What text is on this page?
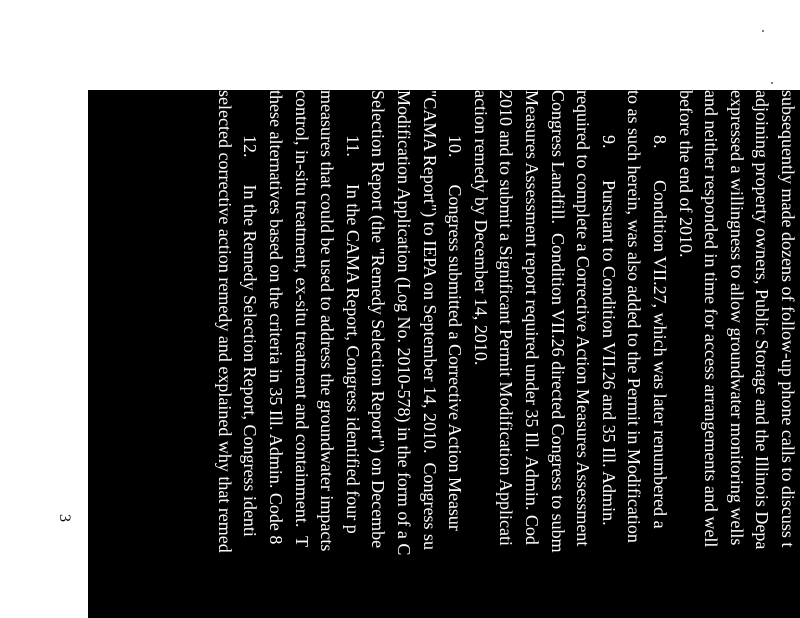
subsequently made dozens of follow-up phone calls to discuss t
adjoining property owners, Public Storage and the Illinois Depa
expressed a willingness to allow groundwater monitoring wells
and neither responded in time for access arrangements and well
before the end of 2010.
8.       Condition VII.27, which was later renumbered a
to as such herein, was also added to the Permit in Modification
9.       Pursuant to Condition VII.26 and 35 Ill. Admin.
required to complete a Corrective Action Measures Assessment
Congress Landfill.  Condition VII.26 directed Congress to subm
Measures Assessment report required under 35 Ill. Admin. Cod
2010 and to submit a Significant Permit Modification Applicati
action remedy by December 14, 2010.
10.      Congress submitted a Corrective Action Measur
"CAMA Report") to IEPA on September 14, 2010.  Congress su
Modification Application (Log No. 2010-578) in the form of a C
Selection Report (the "Remedy Selection Report") on Decembe
11.      In the CAMA Report, Congress identified four p
measures that could be used to address the groundwater impacts
control, in-situ treatment, ex-situ treatment and containment.  T
these alternatives based on the criteria in 35 Ill. Admin. Code 8
12.      In the Remedy Selection Report, Congress identi
selected corrective action remedy and explained why that remed
3
